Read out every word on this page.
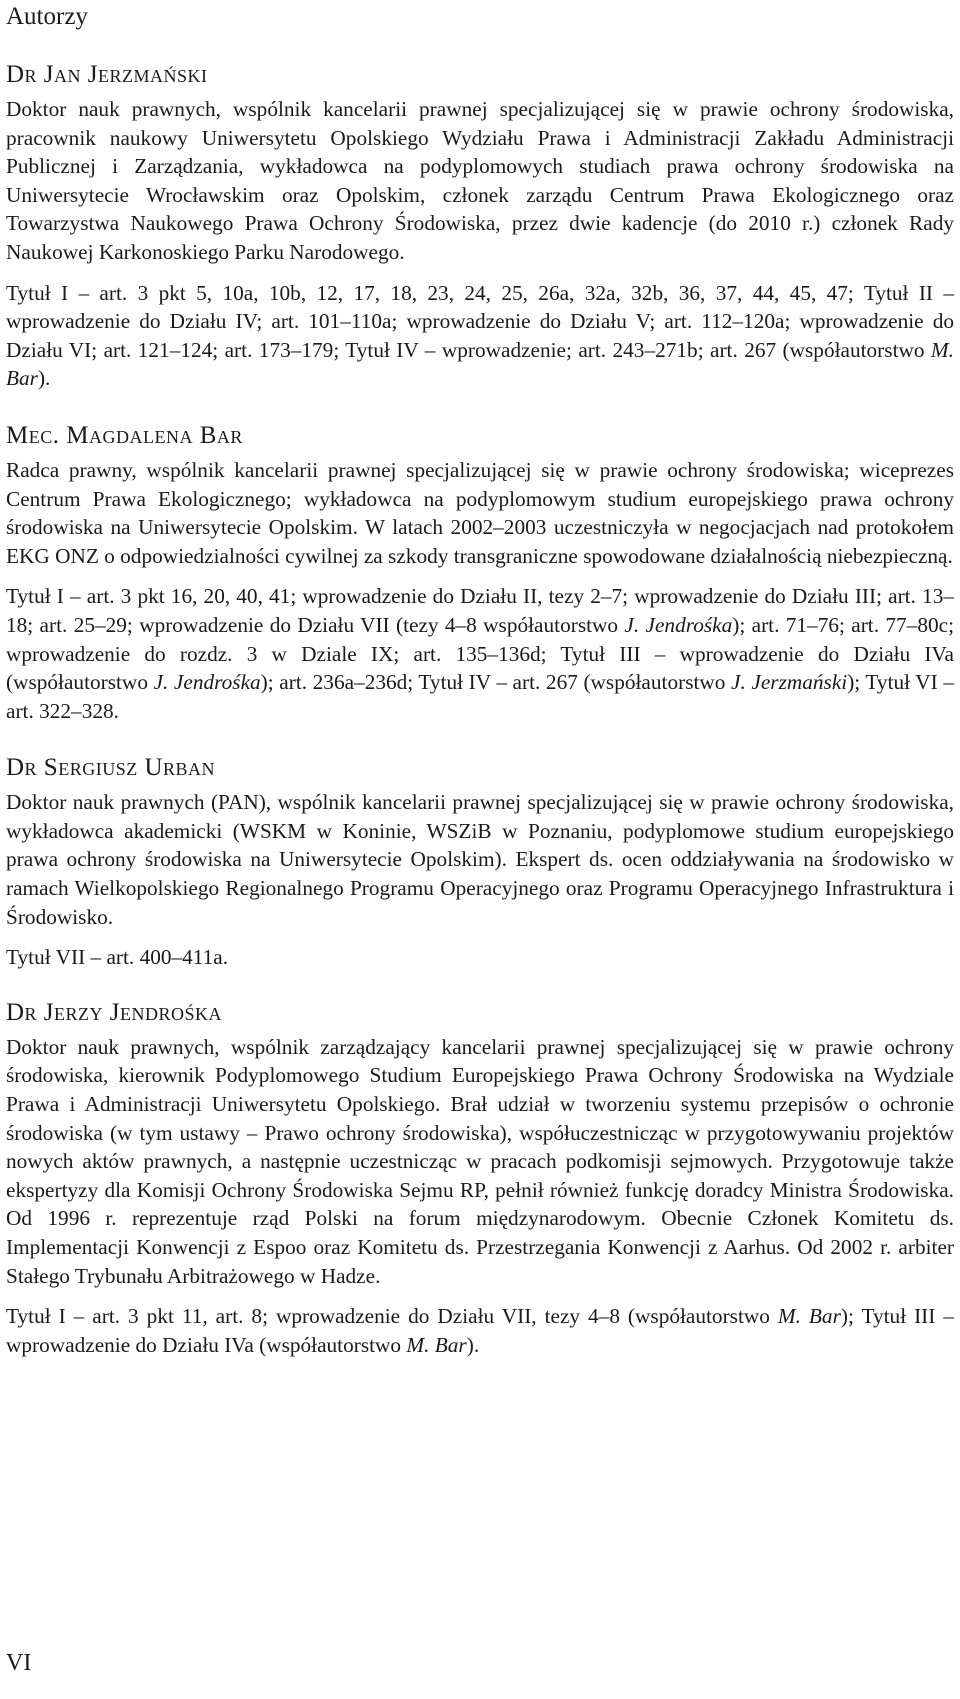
Autorzy
Dr Jan Jerzmański

Doktor nauk prawnych, wspólnik kancelarii prawnej specjalizującej się w prawie ochrony środowiska, pracownik naukowy Uniwersytetu Opolskiego Wydziału Prawa i Administracji Zakładu Administracji Publicznej i Zarządzania, wykładowca na podyplomowych studiach prawa ochrony środowiska na Uniwersytecie Wrocławskim oraz Opolskim, członek zarządu Centrum Prawa Ekologicznego oraz Towarzystwa Naukowego Prawa Ochrony Środowiska, przez dwie kadencje (do 2010 r.) członek Rady Naukowej Karkonoskiego Parku Narodowego.

Tytuł I – art. 3 pkt 5, 10a, 10b, 12, 17, 18, 23, 24, 25, 26a, 32a, 32b, 36, 37, 44, 45, 47; Tytuł II – wprowadzenie do Działu IV; art. 101–110a; wprowadzenie do Działu V; art. 112–120a; wprowadzenie do Działu VI; art. 121–124; art. 173–179; Tytuł IV – wprowadzenie; art. 243–271b; art. 267 (współautorstwo M. Bar).

Mec. Magdalena Bar

Radca prawny, wspólnik kancelarii prawnej specjalizującej się w prawie ochrony środowiska; wiceprezes Centrum Prawa Ekologicznego; wykładowca na podyplomowym studium europejskiego prawa ochrony środowiska na Uniwersytecie Opolskim. W latach 2002–2003 uczestniczyła w negocjacjach nad protokołem EKG ONZ o odpowiedzialności cywilnej za szkody transgraniczne spowodowane działalnością niebezpieczną.

Tytuł I – art. 3 pkt 16, 20, 40, 41; wprowadzenie do Działu II, tezy 2–7; wprowadzenie do Działu III; art. 13–18; art. 25–29; wprowadzenie do Działu VII (tezy 4–8 współautorstwo J. Jendrośka); art. 71–76; art. 77–80c; wprowadzenie do rozdz. 3 w Dziale IX; art. 135–136d; Tytuł III – wprowadzenie do Działu IVa (współautorstwo J. Jendrośka); art. 236a–236d; Tytuł IV – art. 267 (współautorstwo J. Jerzmański); Tytuł VI – art. 322–328.

Dr Sergiusz Urban

Doktor nauk prawnych (PAN), wspólnik kancelarii prawnej specjalizującej się w prawie ochrony środowiska, wykładowca akademicki (WSKM w Koninie, WSZiB w Poznaniu, podyplomowe studium europejskiego prawa ochrony środowiska na Uniwersytecie Opolskim). Ekspert ds. ocen oddziaływania na środowisko w ramach Wielkopolskiego Regionalnego Programu Operacyjnego oraz Programu Operacyjnego Infrastruktura i Środowisko.

Tytuł VII – art. 400–411a.

Dr Jerzy Jendrośka

Doktor nauk prawnych, wspólnik zarządzający kancelarii prawnej specjalizującej się w prawie ochrony środowiska, kierownik Podyplomowego Studium Europejskiego Prawa Ochrony Środowiska na Wydziale Prawa i Administracji Uniwersytetu Opolskiego. Brał udział w tworzeniu systemu przepisów o ochronie środowiska (w tym ustawy – Prawo ochrony środowiska), współuczestnicząc w przygotowywaniu projektów nowych aktów prawnych, a następnie uczestnicząc w pracach podkomisji sejmowych. Przygotowuje także ekspertyzy dla Komisji Ochrony Środowiska Sejmu RP, pełnił również funkcję doradcy Ministra Środowiska. Od 1996 r. reprezentuje rząd Polski na forum międzynarodowym. Obecnie Członek Komitetu ds. Implementacji Konwencji z Espoo oraz Komitetu ds. Przestrzegania Konwencji z Aarhus. Od 2002 r. arbiter Stałego Trybunału Arbitrażowego w Hadze.

Tytuł I – art. 3 pkt 11, art. 8; wprowadzenie do Działu VII, tezy 4–8 (współautorstwo M. Bar); Tytuł III – wprowadzenie do Działu IVa (współautorstwo M. Bar).

VI
